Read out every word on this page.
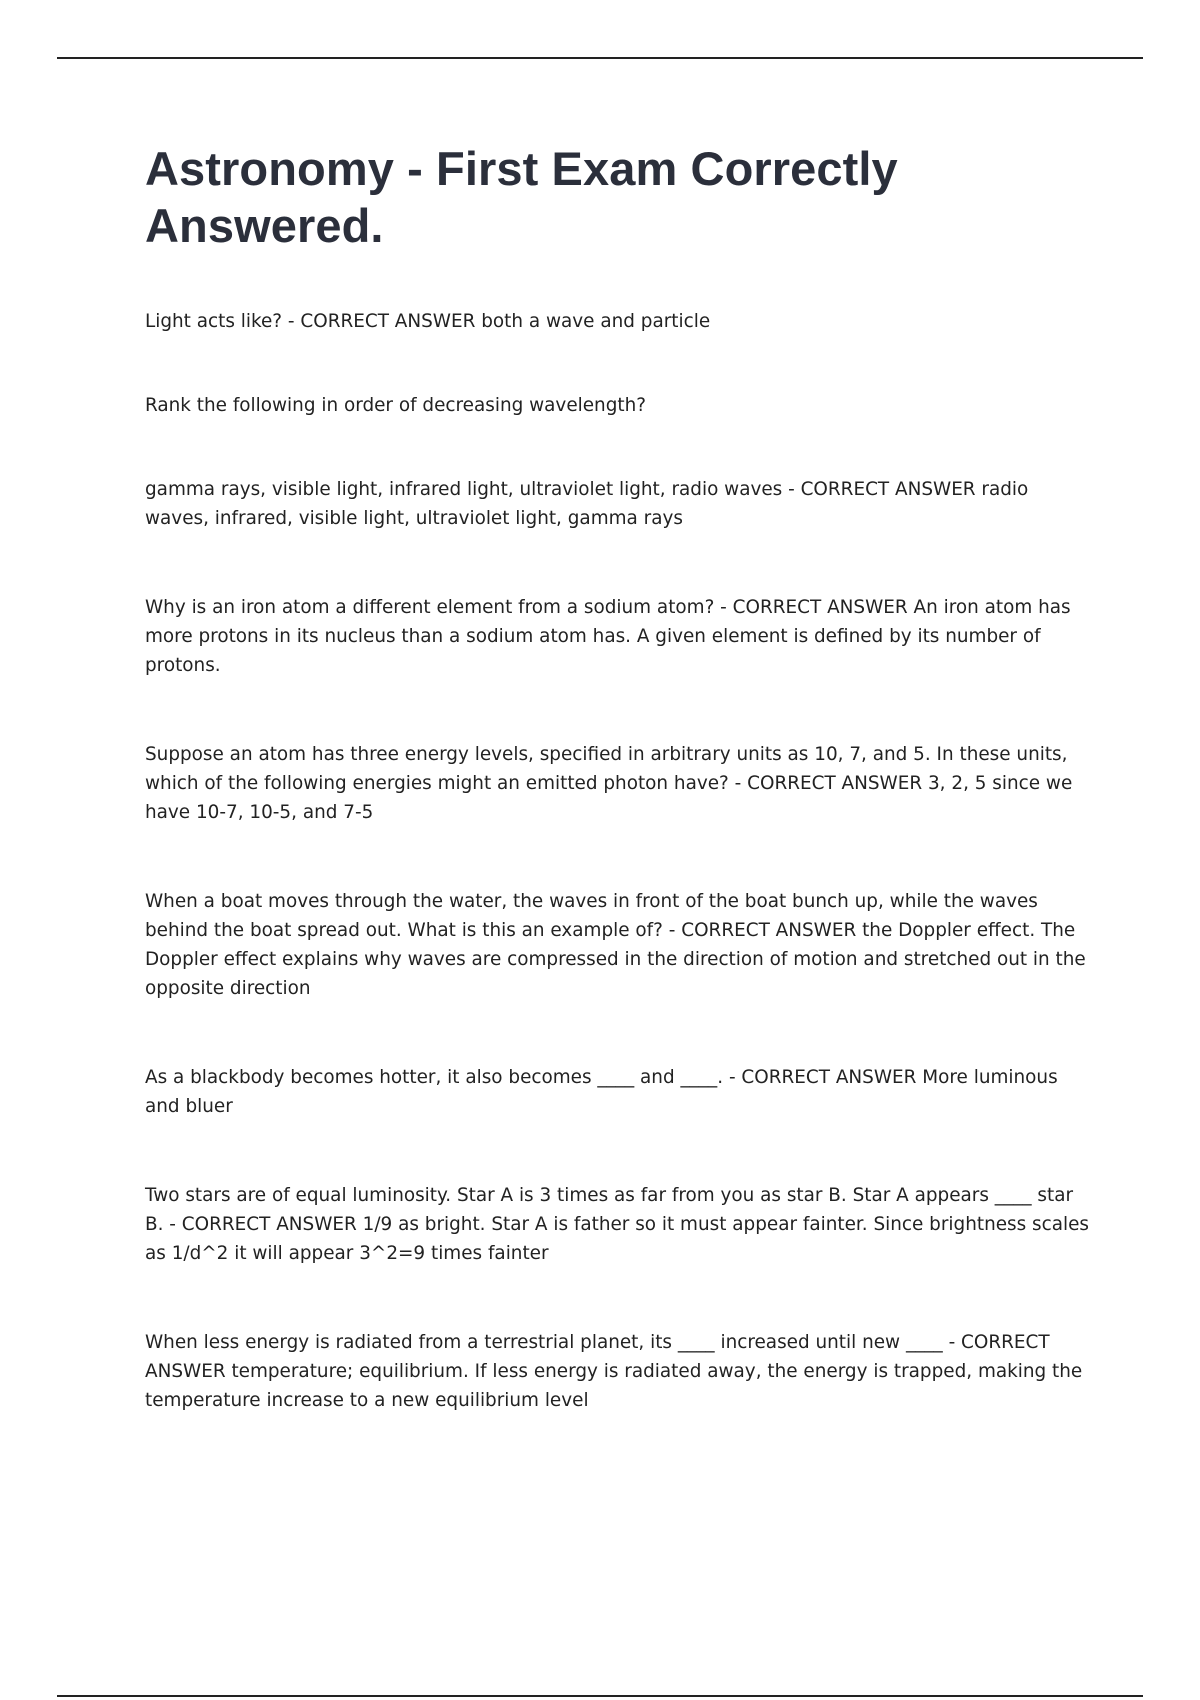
Astronomy - First Exam Correctly Answered.

Light acts like? - CORRECT ANSWER both a wave and particle

Rank the following in order of decreasing wavelength?

gamma rays, visible light, infrared light, ultraviolet light, radio waves - CORRECT ANSWER radio waves, infrared, visible light, ultraviolet light, gamma rays

Why is an iron atom a different element from a sodium atom? - CORRECT ANSWER An iron atom has more protons in its nucleus than a sodium atom has. A given element is defined by its number of protons.

Suppose an atom has three energy levels, specified in arbitrary units as 10, 7, and 5. In these units, which of the following energies might an emitted photon have? - CORRECT ANSWER 3, 2, 5 since we have 10-7, 10-5, and 7-5

When a boat moves through the water, the waves in front of the boat bunch up, while the waves behind the boat spread out. What is this an example of? - CORRECT ANSWER the Doppler effect. The Doppler effect explains why waves are compressed in the direction of motion and stretched out in the opposite direction

As a blackbody becomes hotter, it also becomes ____ and ____. - CORRECT ANSWER More luminous and bluer

Two stars are of equal luminosity. Star A is 3 times as far from you as star B. Star A appears ____ star B. - CORRECT ANSWER 1/9 as bright. Star A is father so it must appear fainter. Since brightness scales as 1/d^2 it will appear 3^2=9 times fainter

When less energy is radiated from a terrestrial planet, its ____ increased until new ____ - CORRECT ANSWER temperature; equilibrium. If less energy is radiated away, the energy is trapped, making the temperature increase to a new equilibrium level
